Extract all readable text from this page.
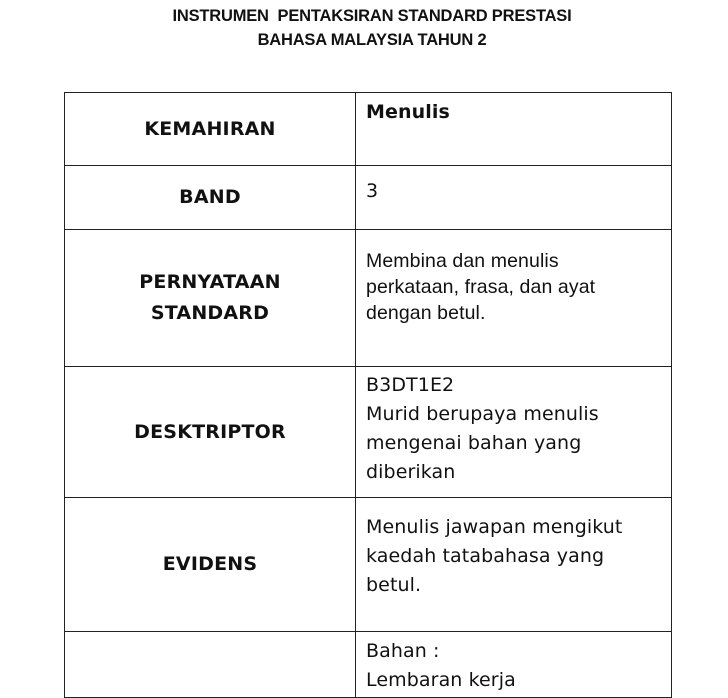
INSTRUMEN  PENTAKSIRAN STANDARD PRESTASI
BAHASA MALAYSIA TAHUN 2
KEMAHIRAN	Menulis
BAND	3

PERNYATAAN
STANDARD	Membina dan menulis
perkataan, frasa, dan ayat
dengan betul.

DESKTRIPTOR	B3DT1E2
Murid berupaya menulis
mengenai bahan yang
diberikan

EVIDENS	Menulis jawapan mengikut
kaedah tatabahasa yang
betul.

	Bahan :
Lembaran kerja
